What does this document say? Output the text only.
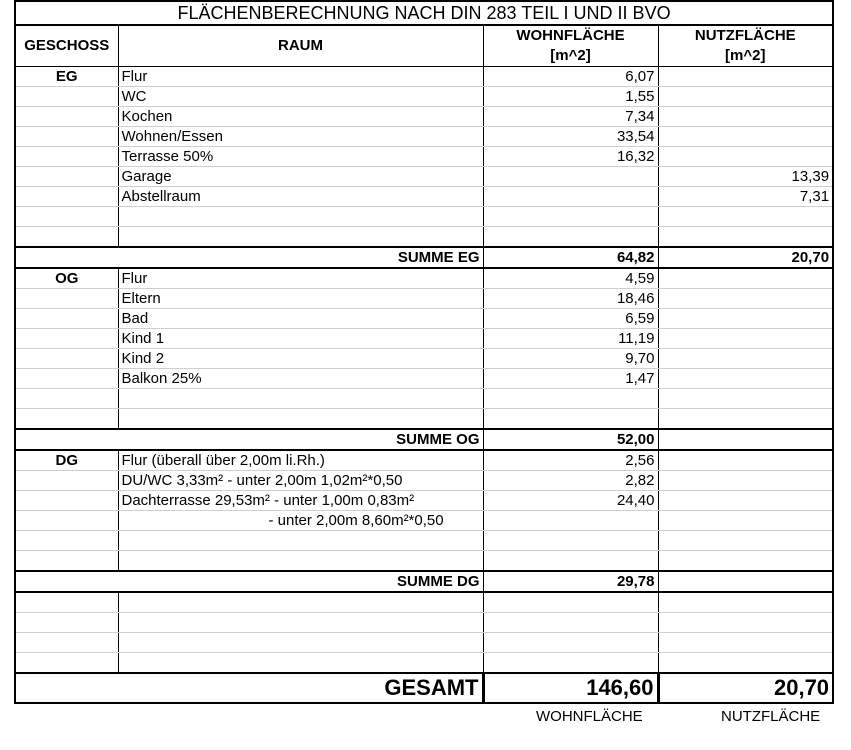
FLÄCHENBERECHNUNG NACH DIN 283 TEIL I UND II BVO			
GESCHOSS	RAUM	WOHNFLÄCHE	NUTZFLÄCHE
		[m^2]	[m^2]
EG	Flur	6,07	
	WC	1,55	
	Kochen	7,34	
	Wohnen/Essen	33,54	
	Terrasse 50%	16,32	
	Garage		13,39
	Abstellraum		7,31

SUMME EG		64,82	20,70
OG	Flur	4,59	
	Eltern	18,46	
	Bad	6,59	
	Kind 1	11,19	
	Kind 2	9,70	
	Balkon 25%	1,47	

SUMME OG		52,00	
DG	Flur (überall über 2,00m li.Rh.)	2,56	
	DU/WC 3,33m² - unter 2,00m 1,02m²*0,50	2,82	
	Dachterrasse 29,53m² - unter 1,00m 0,83m²	24,40	
	- unter 2,00m 8,60m²*0,50		

SUMME DG		29,78	

GESAMT		146,60	20,70
WOHNFLÄCHE	NUTZFLÄCHE
